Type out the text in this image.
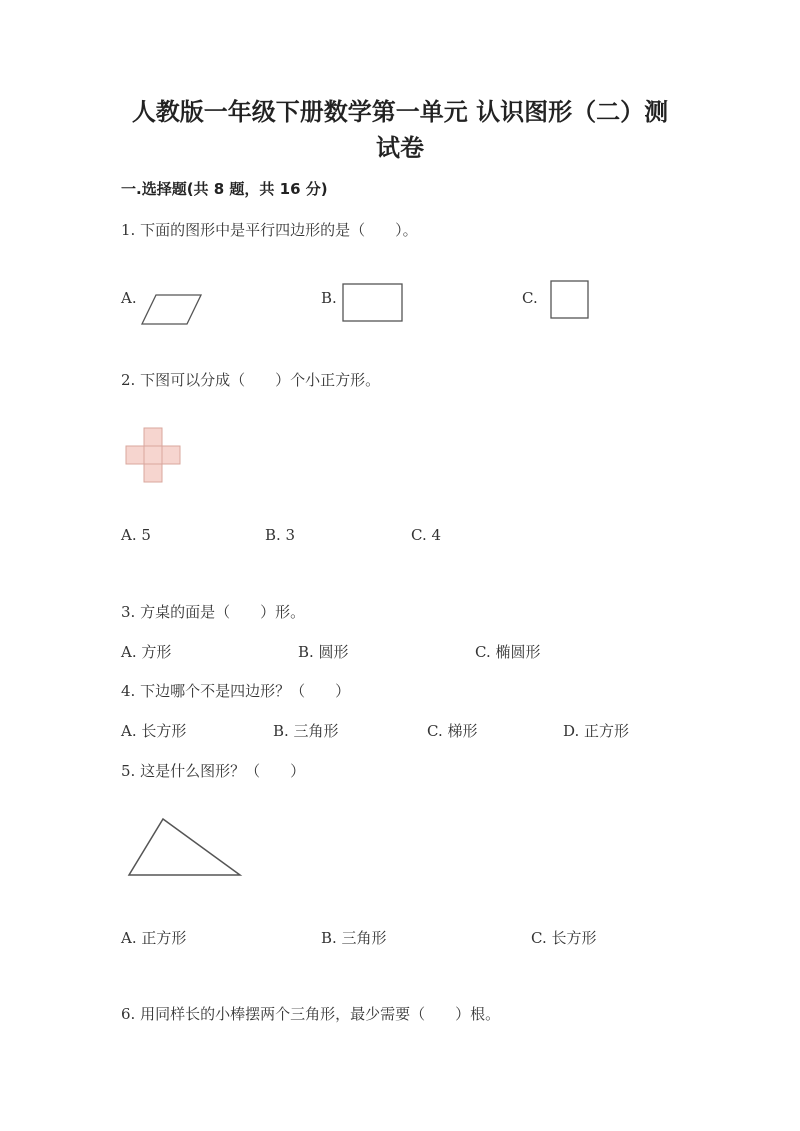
人教版一年级下册数学第一单元 认识图形（二）测
试卷
一.选择题(共 8 题，共 16 分)
1. 下面的图形中是平行四边形的是（　　）。
A.	B.	C.
2. 下图可以分成（　　）个小正方形。
A. 5	B. 3	C. 4
3. 方桌的面是（　　）形。
A. 方形	B. 圆形	C. 椭圆形
4. 下边哪个不是四边形？（　　）
A. 长方形	B. 三角形	C. 梯形	D. 正方形
5. 这是什么图形？（　　）
A. 正方形	B. 三角形	C. 长方形
6. 用同样长的小棒摆两个三角形，最少需要（　　）根。
